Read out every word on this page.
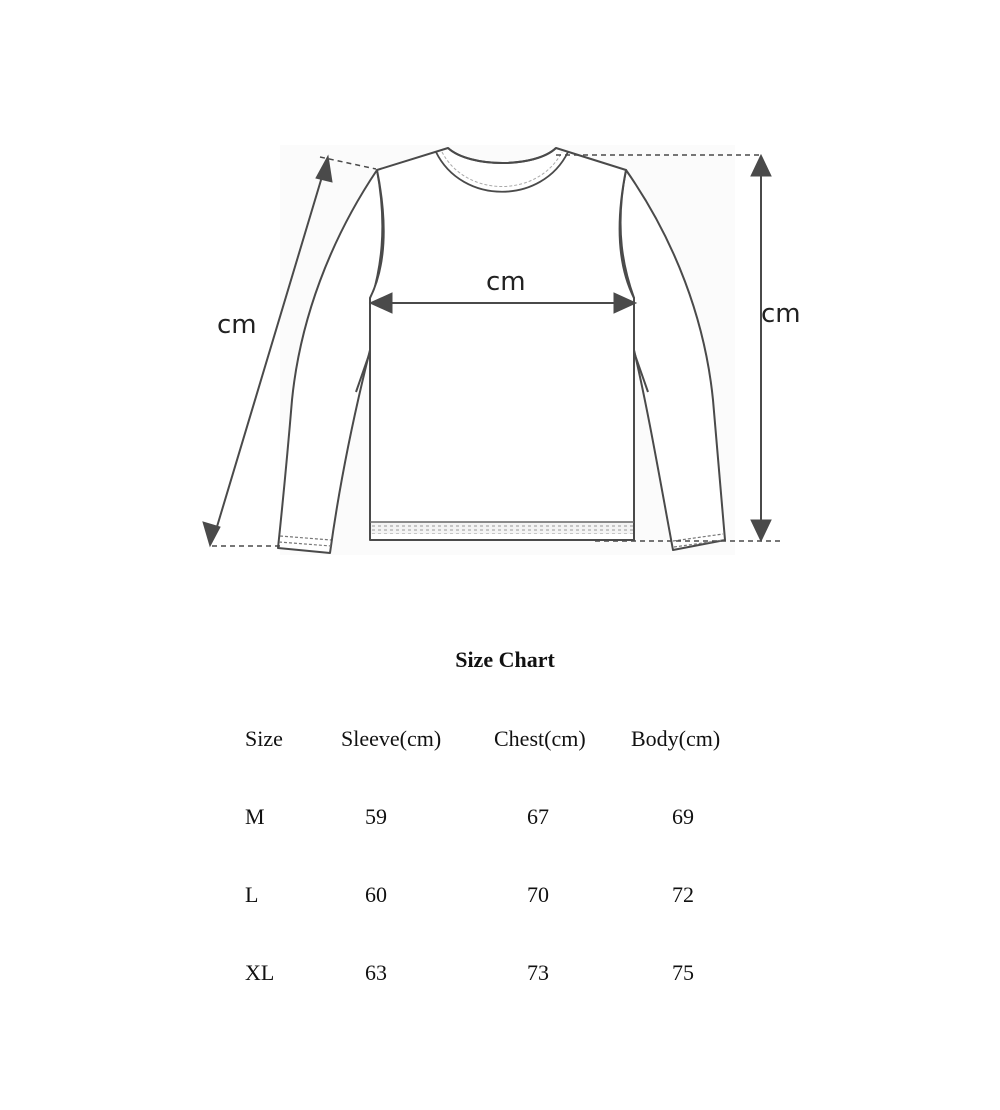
cm
cm
cm
Size Chart
Size	Sleeve(cm) Chest(cm) Body(cm)
M	59	67	69
L	60	70	72
XL	63	73	75
